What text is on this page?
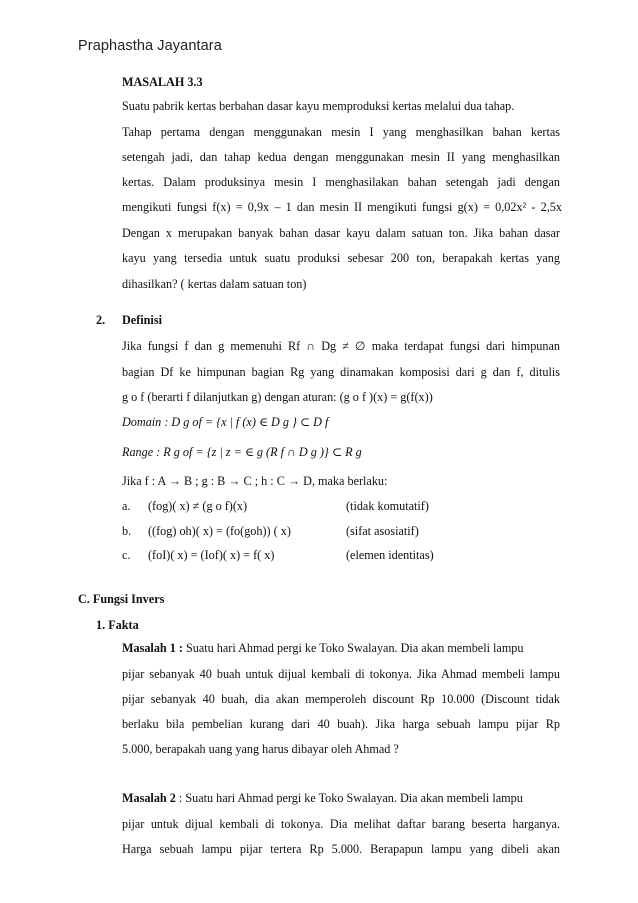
Praphastha Jayantara
MASALAH 3.3
Suatu pabrik kertas berbahan dasar kayu memproduksi kertas melalui dua tahap.
Tahap pertama dengan menggunakan mesin I yang menghasilkan bahan kertas
setengah jadi, dan tahap kedua dengan menggunakan mesin II yang menghasilkan
kertas. Dalam produksinya mesin I menghasilakan bahan setengah jadi dengan
mengikuti fungsi f(x) = 0,9x – 1 dan mesin II mengikuti fungsi g(x) = 0,02x² - 2,5x
Dengan x merupakan banyak bahan dasar kayu dalam satuan ton. Jika bahan dasar
kayu yang tersedia untuk suatu produksi sebesar 200 ton, berapakah kertas yang
dihasilkan? ( kertas dalam satuan ton)
2. Definisi
Jika fungsi f dan g memenuhi Rf ∩ Dg ≠ ∅ maka terdapat fungsi dari himpunan
bagian Df ke himpunan bagian Rg yang dinamakan komposisi dari g dan f, ditulis
g o f (berarti f dilanjutkan g) dengan aturan: (g o f )(x) = g(f(x))
Domain : D g of = {x | f (x) ∈ D g } ⊂ D f
Range : R g of = {z | z = ∈ g (R f ∩ D g )} ⊂ R g
Jika f : A → B ; g : B → C ; h : C → D, maka berlaku:
a. (fog)( x) ≠ (g o f)(x)	(tidak komutatif)
b. ((fog) oh)( x) = (fo(goh)) ( x)	(sifat asosiatif)
c. (foI)( x) = (Iof)( x) = f( x)	(elemen identitas)
C. Fungsi Invers
1. Fakta
Masalah 1 : Suatu hari Ahmad pergi ke Toko Swalayan. Dia akan membeli lampu
pijar sebanyak 40 buah untuk dijual kembali di tokonya. Jika Ahmad membeli lampu
pijar sebanyak 40 buah, dia akan memperoleh discount Rp 10.000 (Discount tidak
berlaku bila pembelian kurang dari 40 buah). Jika harga sebuah lampu pijar Rp
5.000, berapakah uang yang harus dibayar oleh Ahmad ?
Masalah 2 : Suatu hari Ahmad pergi ke Toko Swalayan. Dia akan membeli lampu
pijar untuk dijual kembali di tokonya. Dia melihat daftar barang beserta harganya.
Harga sebuah lampu pijar tertera Rp 5.000. Berapapun lampu yang dibeli akan
